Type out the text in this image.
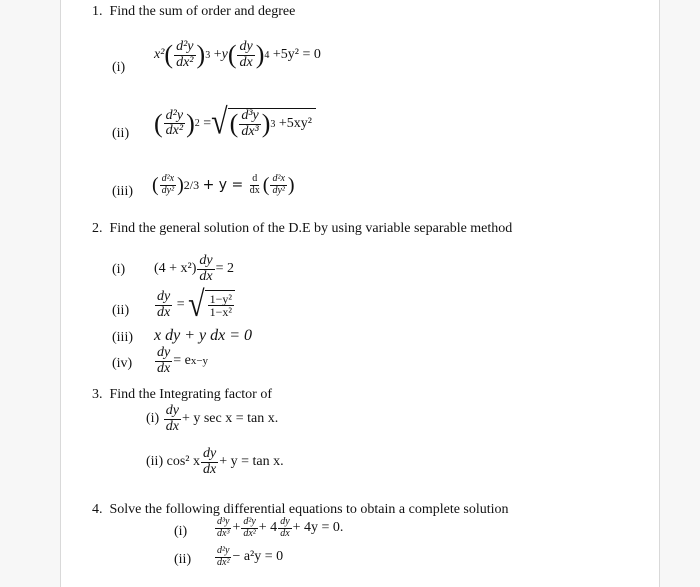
1. Find the sum of order and degree
(i)
x² ( $\frac{\text{d²y}}{\text{dx²}}$ ) 3
+ y ( $\frac{dy}{dx}$ ) 4
+5y² = 0
(ii) ( $\frac{\text{d²y}}{\text{dx²}}$ ) 2
= √ ( $\frac{\text{d³y}}{\text{dx³}}$ ) 3
+5xy²

(iii) ( $\frac{\text{d²x}}{\text{dy²}}$ ) 2/3
+ y =
$\frac{d}{dx}$ ( $\frac{\text{d²x}}{\text{dy²}}$ )
2. Find the general solution of the D.E by using variable separable method
(i) $(4 + x^2) \frac{dy}{dx} = 2$
$(ii) \frac{dy}{dx}$
=
√ $\frac{\text{1−y²}}{\text{1−x²}}$
(iii) x dy + y dx = 0
$(iv) \frac{dy}{dx} = e$ x−y
3. Find the Integrating factor of
(i)
$\frac{dy}{dx} + y$ sec x = tan x.
(ii) cos² x $\frac{dy}{dx} + y = \tan x$.
4. Solve the following differential equations to obtain a complete solution
(i)	$\frac{\text{d³y}}{\text{dx³}} + \frac{\text{d²y}}{\text{dx²}} + 4 \frac{dy}{dx} + 4y = 0$.
$(ii) \frac{\text{d²y}}{\text{dx²}} - a^2y = 0$
